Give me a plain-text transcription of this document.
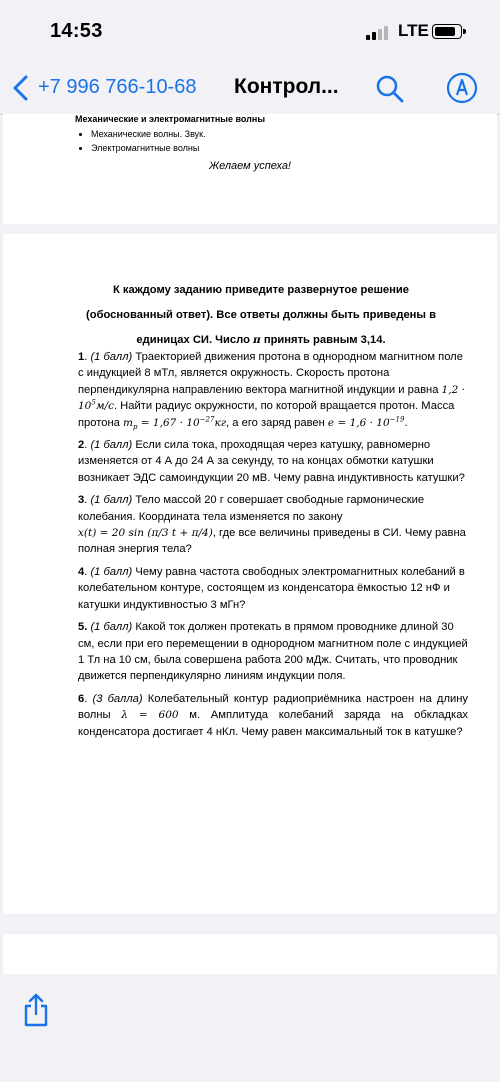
14:53	LTE
+7 996 766-10-68 Контрол...
Механические и электромагнитные волны
• Механические волны. Звук.
• Электромагнитные волны
Желаем успеха!
К каждому заданию приведите развернутое решение
(обоснованный ответ). Все ответы должны быть приведены в
единицах СИ. Число π принять равным 3,14.
1. (1 балл) Траекторией движения протона в однородном магнитном поле с индукцией 8 мТл, является окружность. Скорость протона перпендикулярна направлению вектора магнитной индукции и равна $1,2 \cdot 10^5м/с$. Найти радиус окружности, по которой вращается протон. Масса протона $m_p = 1,67 \cdot 10^{-27}кг$, а его заряд равен $e = 1,6 \cdot 10^{-19}$.
2. (1 балл) Если сила тока, проходящая через катушку, равномерно изменяется от 4 А до 24 А за секунду, то на концах обмотки катушки возникает ЭДС самоиндукции 20 мВ. Чему равна индуктивность катушки?
3. (1 балл) Тело массой 20 г совершает свободные гармонические колебания. Координата тела изменяется по закону
x(t) = 20 sin (π/3 t + π/4), где все величины приведены в СИ. Чему равна полная энергия тела?
4. (1 балл) Чему равна частота свободных электромагнитных колебаний в колебательном контуре, состоящем из конденсатора ёмкостью 12 нФ и катушки индуктивностью 3 мГн?
5. (1 балл) Какой ток должен протекать в прямом проводнике длиной 30 см, если при его перемещении в однородном магнитном поле с индукцией 1 Тл на 10 см, была совершена работа 200 мДж. Считать, что проводник движется перпендикулярно линиям индукции поля.
6. (3 балла) Колебательный контур радиоприёмника настроен на длину волны λ = 600 м. Амплитуда колебаний заряда на обкладках конденсатора достигает 4 нКл. Чему равен максимальный ток в катушке?
